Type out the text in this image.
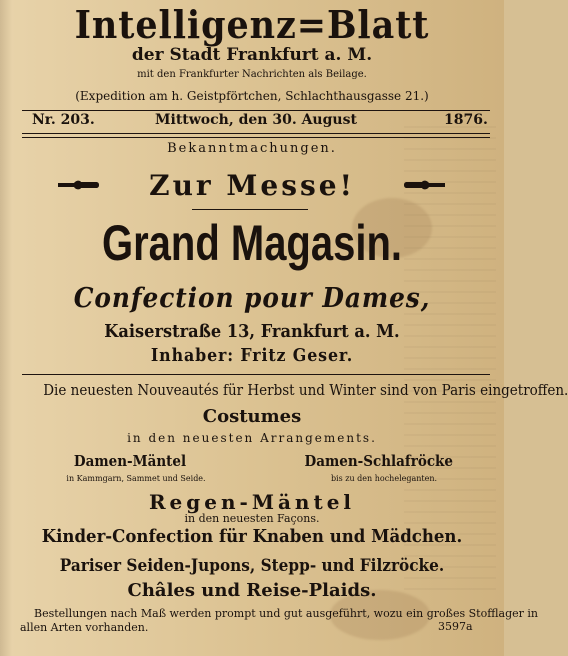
Intelligenz=Blatt
der Stadt Frankfurt a. M.
mit den Frankfurter Nachrichten als Beilage.
(Expedition am h. Geistpförtchen, Schlachthausgasse 21.)
Nr. 203.	Mittwoch, den 30. August	1876.
Bekanntmachungen.
Zur Messe!
Grand Magasin.
Confection pour Dames,
Kaiserstraße 13, Frankfurt a. M.
Inhaber: Fritz Geser.
Die neuesten Nouveautés für Herbst und Winter sind von Paris eingetroffen.
Costumes
in den neuesten Arrangements.
Damen-Mäntel
in Kammgarn, Sammet und Seide.
Damen-Schlafröcke
bis zu den hocheleganten.
Regen-Mäntel
in den neuesten Façons.
Kinder-Confection für Knaben und Mädchen.
Pariser Seiden-Jupons, Stepp- und Filzröcke.
Châles und Reise-Plaids.
Bestellungen nach Maß werden prompt und gut ausgeführt, wozu ein großes Stofflager in
allen Arten vorhanden.	3597a
